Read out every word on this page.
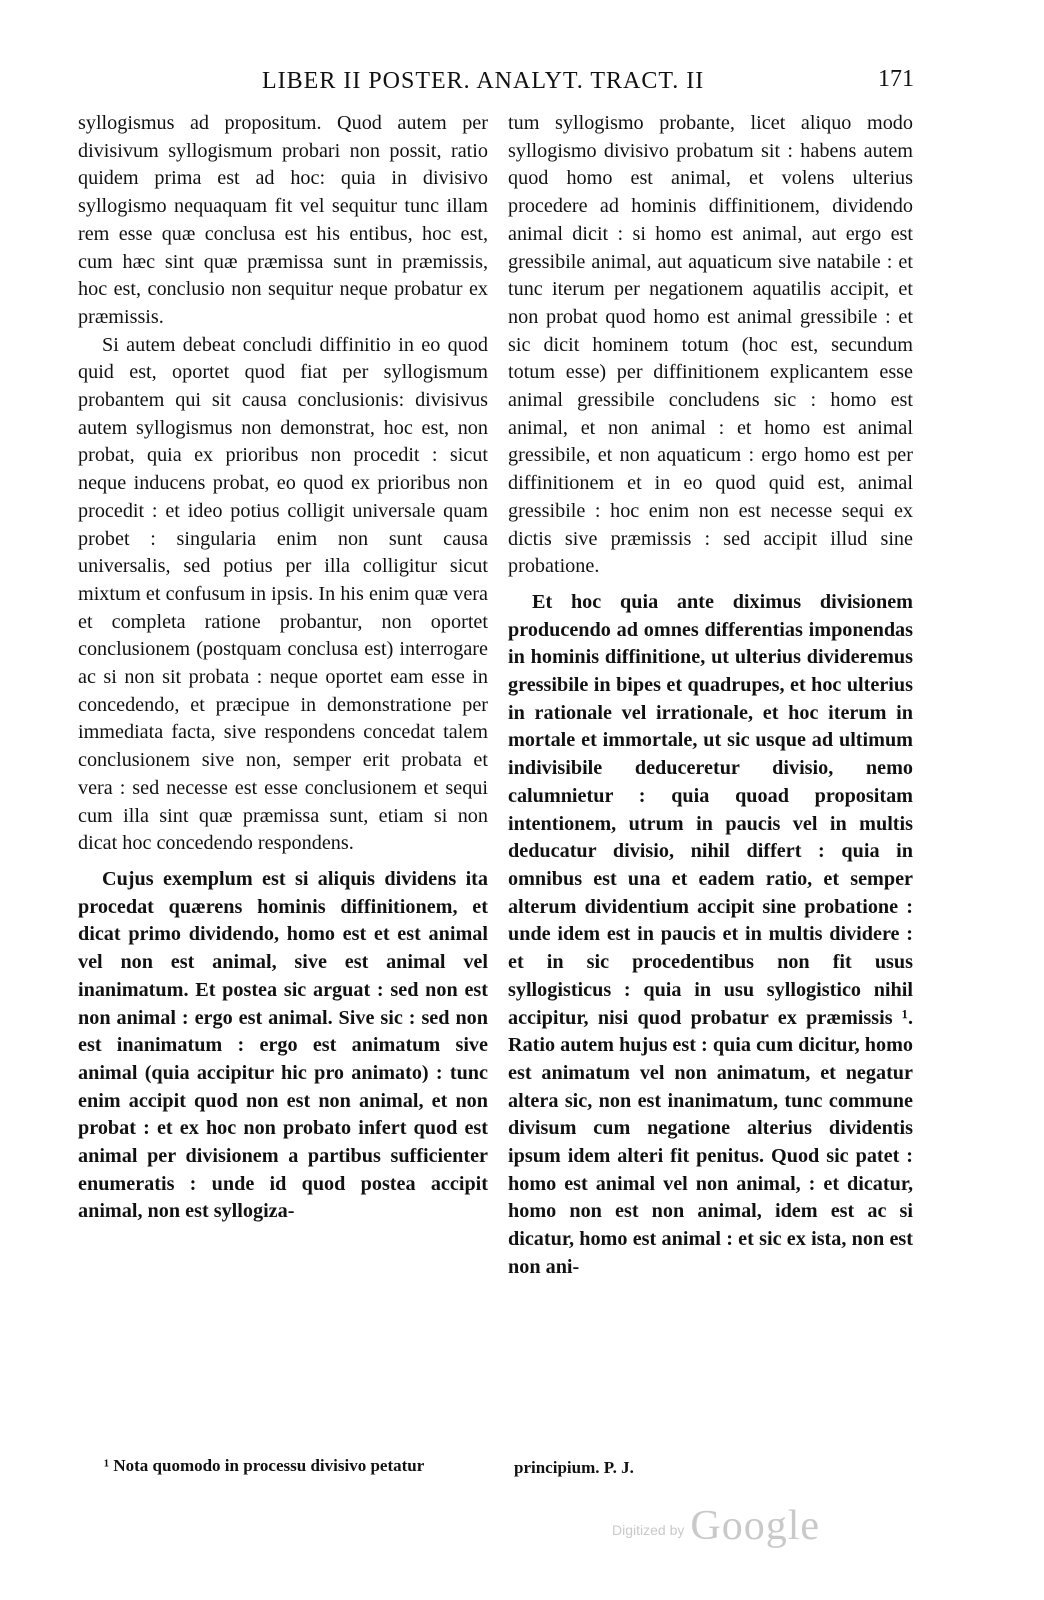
LIBER II POSTER. ANALYT. TRACT. II	171

syllogismus ad propositum. Quod autem per divisivum syllogismum probari non possit, ratio quidem prima est ad hoc: quia in divisivo syllogismo nequaquam fit vel sequitur tunc illam rem esse quæ conclusa est his entibus, hoc est, cum hæc sint quæ præmissa sunt in præmissis, hoc est, conclusio non sequitur neque probatur ex præmissis.

Si autem debeat concludi diffinitio in eo quod quid est, oportet quod fiat per syllogismum probantem qui sit causa conclusionis: divisivus autem syllogismus non demonstrat, hoc est, non probat, quia ex prioribus non procedit : sicut neque inducens probat, eo quod ex prioribus non procedit : et ideo potius colligit universale quam probet : singularia enim non sunt causa universalis, sed potius per illa colligitur sicut mixtum et confusum in ipsis. In his enim quæ vera et completa ratione probantur, non oportet conclusionem (postquam conclusa est) interrogare ac si non sit probata : neque oportet eam esse in concedendo, et præcipue in demonstratione per immediata facta, sive respondens concedat talem conclusionem sive non, semper erit probata et vera : sed necesse est esse conclusionem et sequi cum illa sint quæ præmissa sunt, etiam si non dicat hoc concedendo respondens.

Cujus exemplum est si aliquis dividens ita procedat quærens hominis diffinitionem, et dicat primo dividendo, homo est et est animal vel non est animal, sive est animal vel inanimatum. Et postea sic arguat : sed non est non animal : ergo est animal. Sive sic : sed non est inanimatum : ergo est animatum sive animal (quia accipitur hic pro animato) : tunc enim accipit quod non est non animal, et non probat : et ex hoc non probato infert quod est animal per divisionem a partibus sufficienter enumeratis : unde id quod postea accipit animal, non est syllogiza-

tum syllogismo probante, licet aliquo modo syllogismo divisivo probatum sit : habens autem quod homo est animal, et volens ulterius procedere ad hominis diffinitionem, dividendo animal dicit : si homo est animal, aut ergo est gressibile animal, aut aquaticum sive natabile : et tunc iterum per negationem aquatilis accipit, et non probat quod homo est animal gressibile : et sic dicit hominem totum (hoc est, secundum totum esse) per diffinitionem explicantem esse animal gressibile concludens sic : homo est animal, et non animal : et homo est animal gressibile, et non aquaticum : ergo homo est per diffinitionem et in eo quod quid est, animal gressibile : hoc enim non est necesse sequi ex dictis sive præmissis : sed accipit illud sine probatione.

Et hoc quia ante diximus divisionem producendo ad omnes differentias imponendas in hominis diffinitione, ut ulterius divideremus gressibile in bipes et quadrupes, et hoc ulterius in rationale vel irrationale, et hoc iterum in mortale et immortale, ut sic usque ad ultimum indivisibile deduceretur divisio, nemo calumnietur : quia quoad propositam intentionem, utrum in paucis vel in multis deducatur divisio, nihil differt : quia in omnibus est una et eadem ratio, et semper alterum dividentium accipit sine probatione : unde idem est in paucis et in multis dividere : et in sic procedentibus non fit usus syllogisticus : quia in usu syllogistico nihil accipitur, nisi quod probatur ex præmissis ¹. Ratio autem hujus est : quia cum dicitur, homo est animatum vel non animatum, et negatur altera sic, non est inanimatum, tunc commune divisum cum negatione alterius dividentis ipsum idem alteri fit penitus. Quod sic patet : homo est animal vel non animal, : et dicatur, homo non est non animal, idem est ac si dicatur, homo est animal : et sic ex ista, non est non ani-

¹ Nota quomodo in processu divisivo petatur	principium. P. J.
Digitized by Google
